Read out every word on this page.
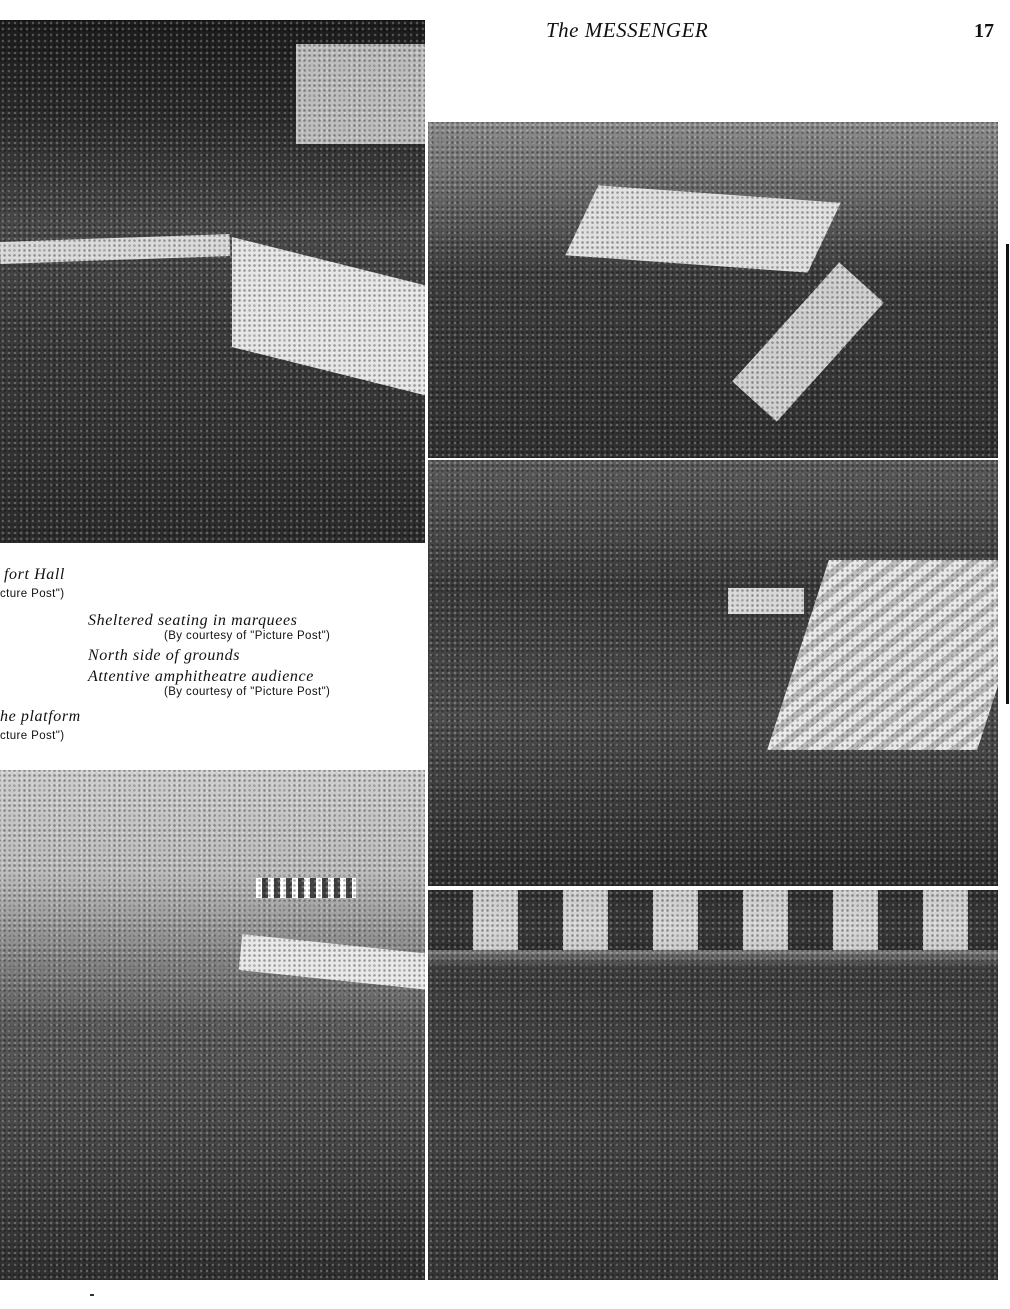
The MESSENGER	17
fort Hall
cture Post")
Sheltered seating in marquees
(By courtesy of "Picture Post")
North side of grounds
Attentive amphitheatre audience
(By courtesy of "Picture Post")
he platform
cture Post")
